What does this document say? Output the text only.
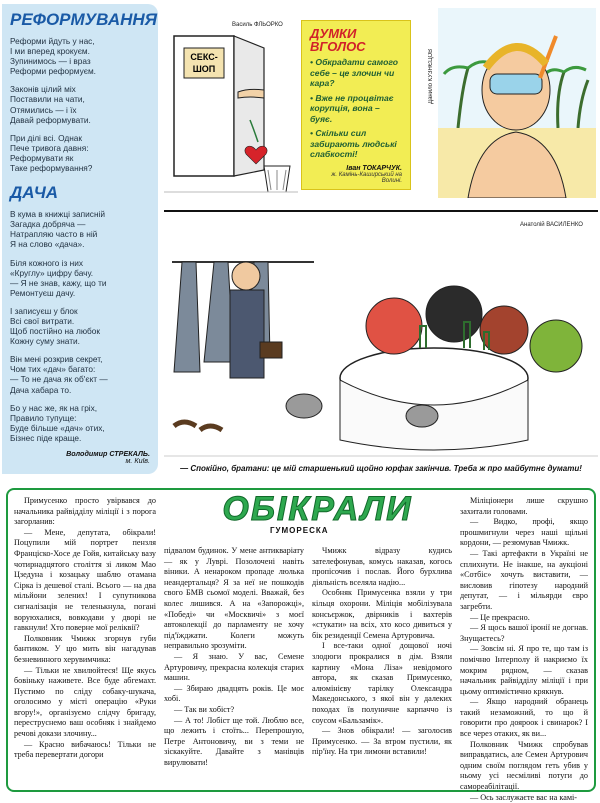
РЕФОРМУВАННЯ

Реформи йдуть у нас,
І ми вперед крокуєм.
Зупинимось — і враз
Реформи реформуєм.

Законів цілий міх
Поставили на чати,
Отямились — і їх
Давай реформувати.

При ділі всі. Однак
Пече тривога давня:
Реформувати як
Таке реформування?

ДАЧА

В кума в книжці записній
Загадка добряча —
Натрапляю часто в ній
Я на слово «дача».

Біля кожного із них
«Круглу» цифру бачу.
— Я не знав, кажу, що ти
Ремонтуєш дачу.

І записуєш у блок
Всі свої витрати.
Щоб постійно на любок
Кожну суму знати.

Він мені розкрив секрет,
Чом тих «дач» багато:
— То не дача як об'єкт —
Дача хабара то.

Бо у нас же, як на гріх,
Правило тупуще:
Буде більше «дач» отих,
Бізнес піде краще.

Володимир СТРЕКАЛЬ.
м. Київ.
Василь ФЛЬОРКО
СЕКС-
ШОП
ДУМКИ
ВГОЛОС

• Обкрадати самого себе – це злочин чи кара?

• Вже не процвітає корупція, вона – буяє.

• Скільки сил забирають людські слабкості!

Іван ТОКАРЧУК.
ж. Камінь-Каширський на Волині.
Данило КУЗНЄЦОВ
Анатолій ВАСИЛЕНКО
— Спокійно, братани: це мій старшенький щойно юрфак закінчив. Треба ж про майбутнє думати!
ОБІКРАЛИ
ГУМОРЕСКА

Примусенко просто увірвався до начальника райвідділу міліції і з порога загорланив:

— Мене, депутата, обікрали! Поцупили мій портрет пензля Франціско-Хосе де Гойя, китайську вазу чотирнадцятого століття зі ликом Мао Цзедуна і козацьку шаблю отамана Сірка із дешевої сталі. Всього — на два мільйони зелених! І супутникова сигналізація не теленькнула, погані воруюхалися, вовкодави у дворі не гавкнули! Хто поверне мої реліквії?

Полковник Чмижк згорнув губи бантиком. У цю мить він нагадував безневинного херувимчика:

— Тільки не хвилюйтеся! Ще якусь бовіньку наживете. Все буде абгемахт. Пустимо по сліду собаку-шукача, оголосимо у місті операцію «Руки вгору!», організуємо слідчу бригаду, переструснемо ваш особняк і знайдемо речові докази злочину...

— Красно вибачаюсь! Тільки не треба перевертати догори

підвалом будинок. У мене антикваріату — як у Луврі. Позолочені навіть віники. А ненароком пропаде люлька неандертальця? Я за неї не пошкодів свого БМВ сьомої моделі. Вважай, без колес лишився. А на «Запорожці», «Победі» чи «Москвичі» з моєї автоколекції до парламенту не хочу під'їжджати. Колеги можуть неправильно зрозуміти.

— Я знаю. У вас, Семене Артуровичу, прекрасна колекція старих машин.

— Збираю двадцять років. Це моє хобі.

— Так ви хобіст?

— А то! Лобіст ще той. Люблю все, що лежить і стоїть... Перепрошую, Петре Антоновичу, ви з теми не зіскакуйте. Давайте з манівців вирулювати!

Чмижк відразу кудись зателефонував, комусь наказав, когось пропісочив і послав. Його бурхлива діяльність вселяла надію...

Особняк Примусенка взяли у три кільця охорони. Міліція мобілізувала консьєржок, двірників і вахтерів «стукати» на всіх, хто косо дивиться у бік резиденції Семена Артуровича.

І все-таки одної дощової ночі злодюги прокралися в дім. Взяли картину «Мона Ліза» невідомого автора, як сказав Примусенко, алюмінієву тарілку Олександра Македонського, з якої він у далеких походах їв полуничне карпаччо із соусом «Бальзамік».

— Знов обікрали! — заголосив Примусенко. — За втром пустили, як пір'їну. На три лимони вставили!

Міліціонери лише скрушно захитали головами.

— Видко, профі, якщо прошмигнули через наші щільні кордони, — резюмував Чмижк.

— Такі артефакти в Україні не сплихнути. Не інакше, на аукціоні «Сотбіс» хочуть виставити, — висловив гіпотезу народний депутат, — і мільярди євро загребти.

— Це прекрасно.

— Я щось вашої іронії не догнав. Знущаєтесь?

— Зовсім ні. Я про те, що там із помічню Інтерполу й накриємо їх мокрим рядном, — сказав начальник райвідділу міліції і при цьому оптимістично крякнув.

— Якщо народний обранець такий незаможний, то що й говорити про дояроок і свинарок? І все через отаких, як ви...

Полковник Чмижк спробував виправдатись, але Семен Артурович одним своїм поглядом геть убив у ньому усі несміливі потуги до самореабілітації.

— Ось заслужаєте вас на камі-
